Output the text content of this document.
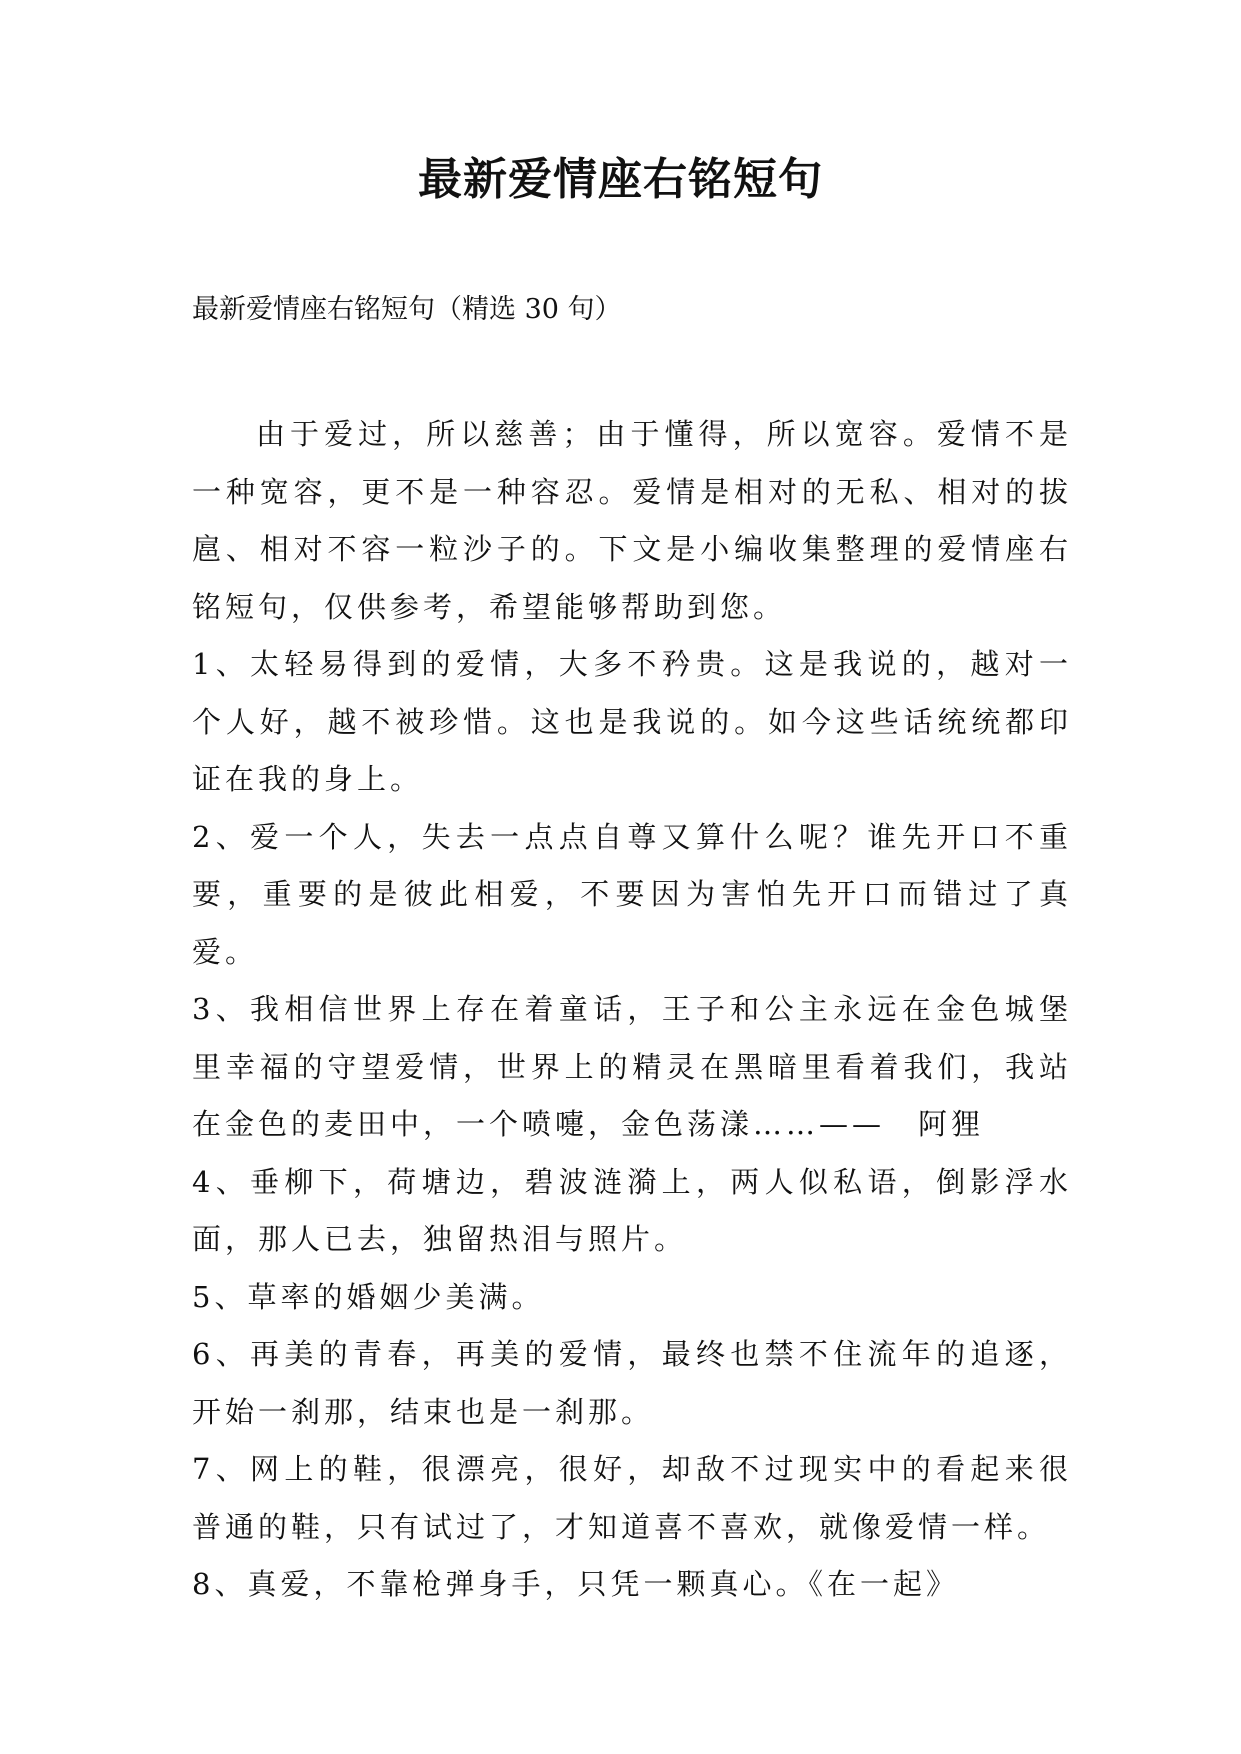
最新爱情座右铭短句

最新爱情座右铭短句（精选 30 句）

由于爱过，所以慈善；由于懂得，所以宽容。爱情不是一种宽容，更不是一种容忍。爱情是相对的无私、相对的拔扈、相对不容一粒沙子的。下文是小编收集整理的爱情座右铭短句，仅供参考，希望能够帮助到您。

1、太轻易得到的爱情，大多不矜贵。这是我说的，越对一个人好，越不被珍惜。这也是我说的。如今这些话统统都印证在我的身上。

2、爱一个人，失去一点点自尊又算什么呢？谁先开口不重要，重要的是彼此相爱，不要因为害怕先开口而错过了真爱。

3、我相信世界上存在着童话，王子和公主永远在金色城堡里幸福的守望爱情，世界上的精灵在黑暗里看着我们，我站在金色的麦田中，一个喷嚏，金色荡漾……——　阿狸

4、垂柳下，荷塘边，碧波涟漪上，两人似私语，倒影浮水面，那人已去，独留热泪与照片。

5、草率的婚姻少美满。

6、再美的青春，再美的爱情，最终也禁不住流年的追逐，开始一刹那，结束也是一刹那。

7、网上的鞋，很漂亮，很好，却敌不过现实中的看起来很普通的鞋，只有试过了，才知道喜不喜欢，就像爱情一样。

8、真爱，不靠枪弹身手，只凭一颗真心。《在一起》
